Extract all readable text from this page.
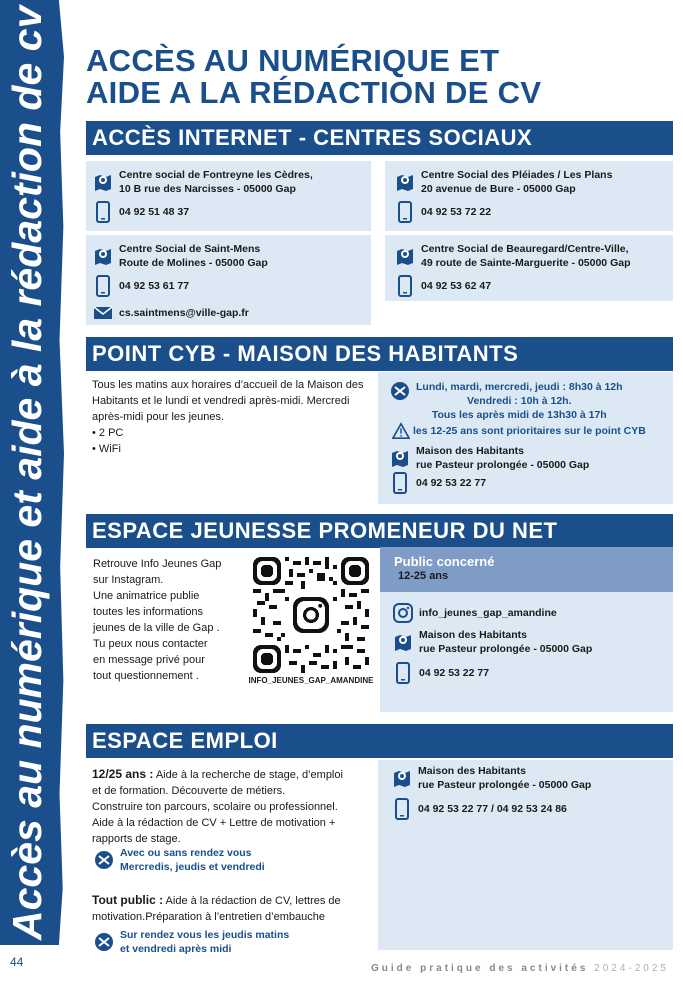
Accès au numérique et aide à la rédaction de cv
44
ACCÈS AU NUMÉRIQUE ET
AIDE A LA RÉDACTION DE CV
ACCÈS INTERNET - CENTRES SOCIAUX
Centre social de Fontreyne les Cèdres,
10 B rue des Narcisses - 05000 Gap
04 92 51 48 37
Centre Social des Pléiades / Les Plans
20 avenue de Bure - 05000 Gap
04 92 53 72 22
Centre Social de Saint-Mens
Route de Molines - 05000 Gap
04 92 53 61 77
cs.saintmens@ville-gap.fr
Centre Social de Beauregard/Centre-Ville,
49 route de Sainte-Marguerite - 05000 Gap
04 92 53 62 47
POINT CYB - MAISON DES HABITANTS
Tous les matins aux horaires d’accueil de la Maison des Habitants et le lundi et vendredi après-midi. Mercredi après-midi pour les jeunes.
• 2 PC
• WiFi
Lundi, mardi, mercredi, jeudi : 8h30 à 12h
Vendredi : 10h à 12h.
Tous les après midi de 13h30 à 17h
les 12-25 ans sont prioritaires sur le point CYB
Maison des Habitants
rue Pasteur prolongée - 05000 Gap
04 92 53 22 77
ESPACE JEUNESSE PROMENEUR DU NET
Retrouve Info Jeunes Gap
sur Instagram.
Une animatrice publie
toutes les informations
jeunes de la ville de Gap .
Tu peux nous contacter
en message privé pour
tout questionnement .	INFO_JEUNES_GAP_AMANDINE
Public concerné
12-25 ans
info_jeunes_gap_amandine
Maison des Habitants
rue Pasteur prolongée - 05000 Gap
04 92 53 22 77
ESPACE EMPLOI
12/25 ans : Aide à la recherche de stage, d’emploi
et de formation. Découverte de métiers.
Construire ton parcours, scolaire ou professionnel.
Aide à la rédaction de CV + Lettre de motivation +
rapports de stage.
Avec ou sans rendez vous
Mercredis, jeudis et vendredi
Tout public : Aide à la rédaction de CV, lettres de
motivation.Préparation à l’entretien d’embauche
Sur rendez vous les jeudis matins
et vendredi après midi
Maison des Habitants
rue Pasteur prolongée - 05000 Gap
04 92 53 22 77 / 04 92 53 24 86
Guide pratique des activités 2024-2025
